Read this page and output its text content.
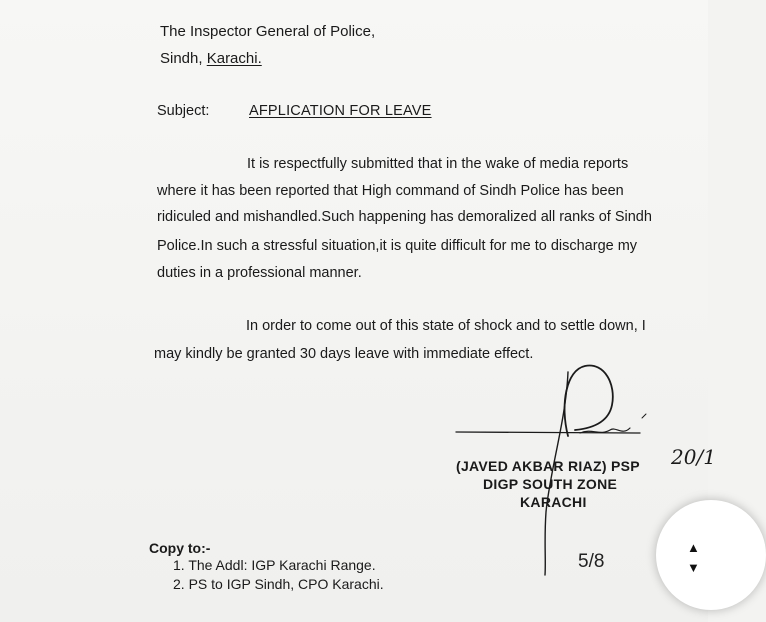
The Inspector General of Police,
Sindh, Karachi.
Subject:	AFPLICATION FOR LEAVE
It is respectfully submitted that in the wake of media reports
where it has been reported that High command of Sindh Police has been
ridiculed and mishandled.Such happening has demoralized all ranks of Sindh
Police.In such a stressful situation,it is quite difficult for me to discharge my
duties in a professional manner.
In order to come out of this state of shock and to settle down, I
may kindly be granted 30 days leave with immediate effect.
20/1
(JAVED AKBAR RIAZ) PSP
DIGP SOUTH ZONE
KARACHI
Copy to:-
1. The Addl: IGP Karachi Range.
2. PS to IGP Sindh, CPO Karachi.
5/8
▲
▼
